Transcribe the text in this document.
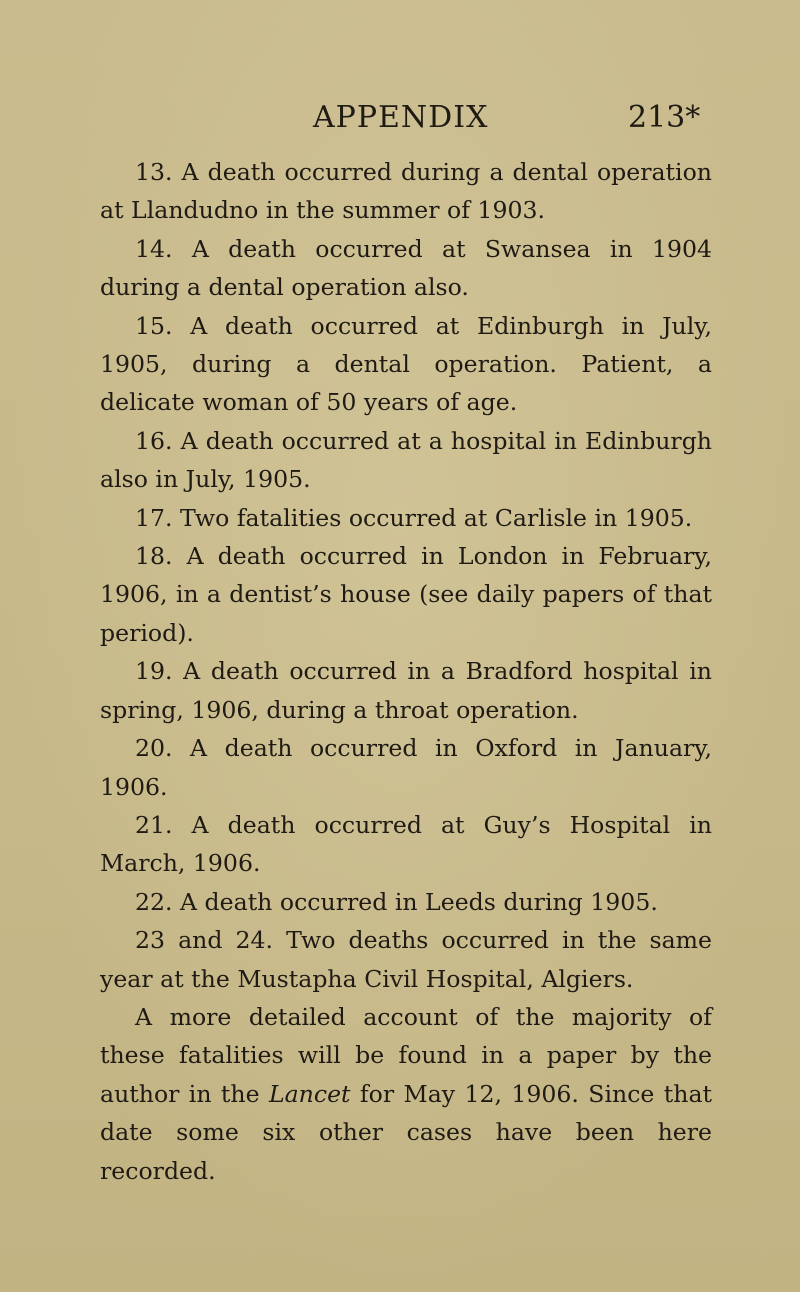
APPENDIX	213*

13. A death occurred during a dental operation at Llandudno in the summer of 1903.

14. A death occurred at Swansea in 1904 during a dental operation also.

15. A death occurred at Edinburgh in July, 1905, during a dental operation. Patient, a delicate woman of 50 years of age.

16. A death occurred at a hospital in Edinburgh also in July, 1905.

17. Two fatalities occurred at Carlisle in 1905.

18. A death occurred in London in February, 1906, in a dentist’s house (see daily papers of that period).

19. A death occurred in a Bradford hospital in spring, 1906, during a throat operation.

20. A death occurred in Oxford in January, 1906.

21. A death occurred at Guy’s Hospital in March, 1906.

22. A death occurred in Leeds during 1905.

23 and 24. Two deaths occurred in the same year at the Mustapha Civil Hospital, Algiers.

A more detailed account of the majority of these fatalities will be found in a paper by the author in the Lancet for May 12, 1906. Since that date some six other cases have been here recorded.
